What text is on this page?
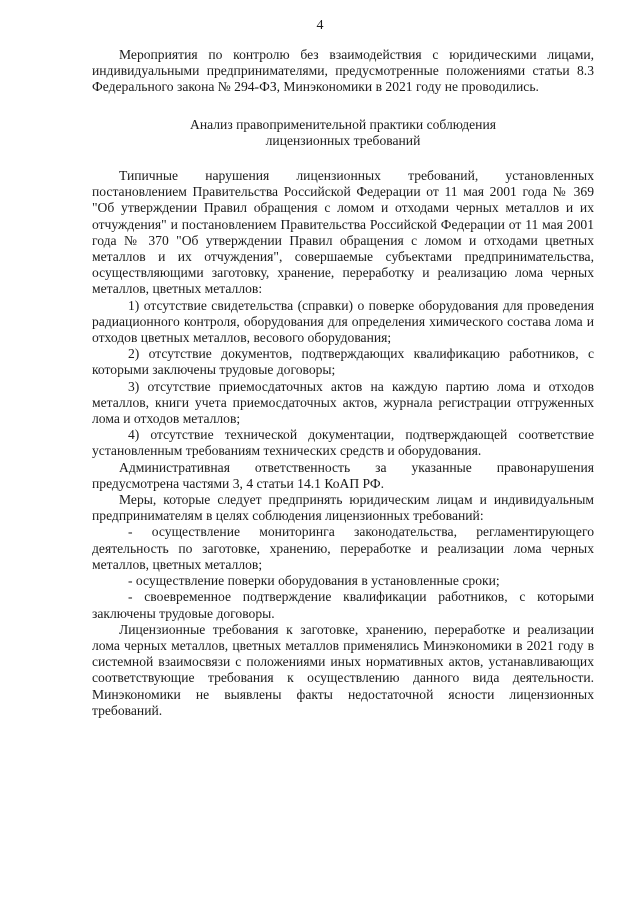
4

Мероприятия по контролю без взаимодействия с юридическими лицами, индивидуальными предпринимателями, предусмотренные положениями статьи 8.3 Федерального закона № 294-ФЗ, Минэкономики в 2021 году не проводились.

Анализ правоприменительной практики соблюдения
лицензионных требований

Типичные нарушения лицензионных требований, установленных постановлением Правительства Российской Федерации от 11 мая 2001 года № 369 "Об утверждении Правил обращения с ломом и отходами черных металлов и их отчуждения" и постановлением Правительства Российской Федерации от 11 мая 2001 года № 370 "Об утверждении Правил обращения с ломом и отходами цветных металлов и их отчуждения", совершаемые субъектами предпринимательства, осуществляющими заготовку, хранение, переработку и реализацию лома черных металлов, цветных металлов:

1) отсутствие свидетельства (справки) о поверке оборудования для проведения радиационного контроля, оборудования для определения химического состава лома и отходов цветных металлов, весового оборудования;

2) отсутствие документов, подтверждающих квалификацию работников, с которыми заключены трудовые договоры;

3) отсутствие приемосдаточных актов на каждую партию лома и отходов металлов, книги учета приемосдаточных актов, журнала регистрации отгруженных лома и отходов металлов;

4) отсутствие технической документации, подтверждающей соответствие установленным требованиям технических средств и оборудования.

Административная ответственность за указанные правонарушения предусмотрена частями 3, 4 статьи 14.1 КоАП РФ.

Меры, которые следует предпринять юридическим лицам и индивидуальным предпринимателям в целях соблюдения лицензионных требований:

- осуществление мониторинга законодательства, регламентирующего деятельность по заготовке, хранению, переработке и реализации лома черных металлов, цветных металлов;

- осуществление поверки оборудования в установленные сроки;

- своевременное подтверждение квалификации работников, с которыми заключены трудовые договоры.

Лицензионные требования к заготовке, хранению, переработке и реализации лома черных металлов, цветных металлов применялись Минэкономики в 2021 году в системной взаимосвязи с положениями иных нормативных актов, устанавливающих соответствующие требования к осуществлению данного вида деятельности. Минэкономики не выявлены факты недостаточной ясности лицензионных требований.
